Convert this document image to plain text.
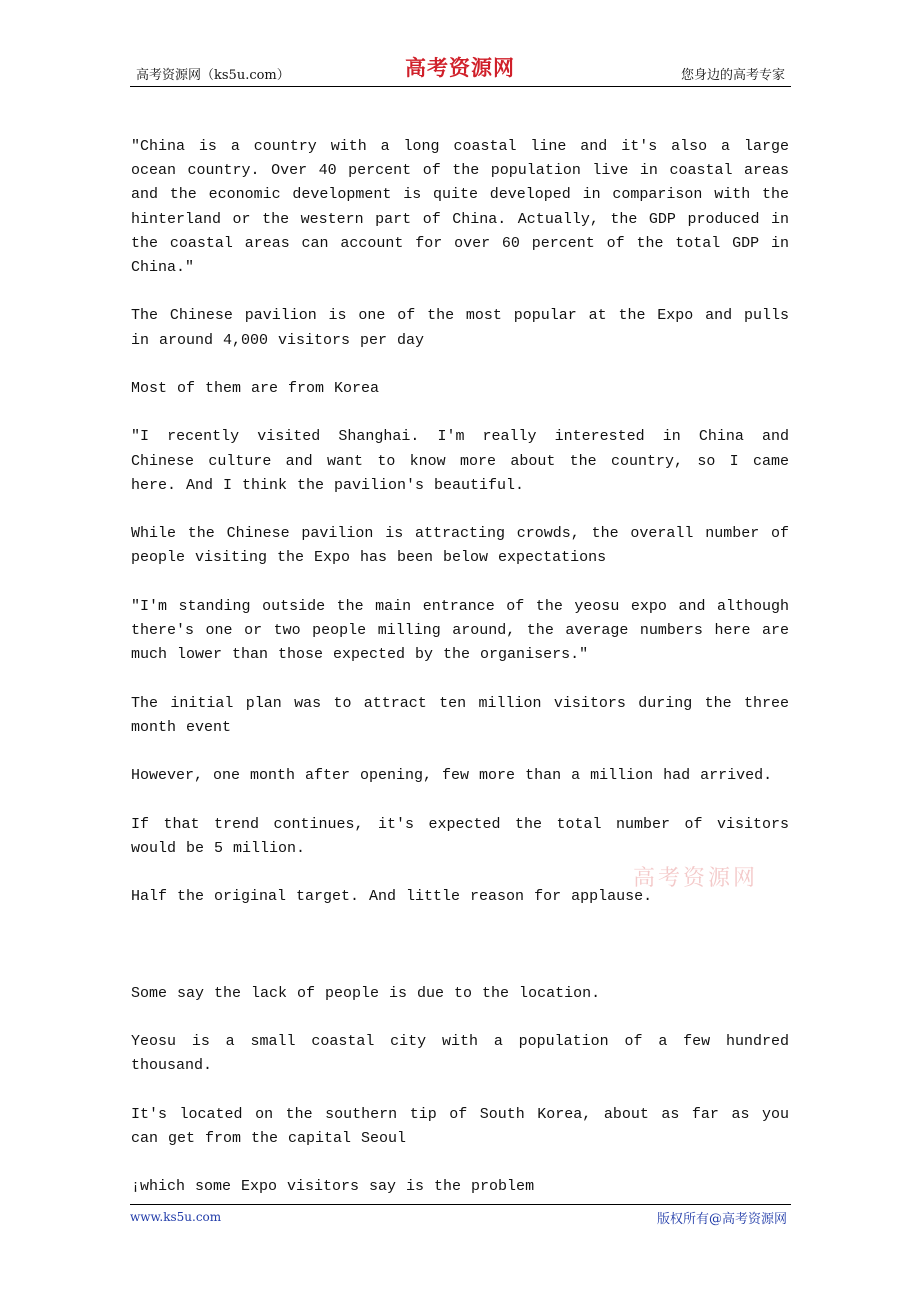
高考资源网（ks5u.com）	高考资源网	您身边的高考专家

"China is a country with a long coastal line and it's also a large ocean country. Over 40 percent of the population live in coastal areas and the economic development is quite developed in comparison with the hinterland or the western part of China. Actually, the GDP produced in the coastal areas can account for over 60 percent of the total GDP in China."

The Chinese pavilion is one of the most popular at the Expo and pulls in around 4,000 visitors per day

Most of them are from Korea

"I recently visited Shanghai. I'm really interested in China and Chinese culture and want to know more about the country, so I came here. And I think the pavilion's beautiful.

While the Chinese pavilion is attracting crowds, the overall number of people visiting the Expo has been below expectations

"I'm standing outside the main entrance of the yeosu expo and although there's one or two people milling around, the average numbers here are much lower than those expected by the organisers."

The initial plan was to attract ten million visitors during the three month event

However, one month after opening, few more than a million had arrived.

If that trend continues, it's expected the total number of visitors would be 5 million.

Half the original target. And little reason for applause.

Some say the lack of people is due to the location.

Yeosu is a small coastal city with a population of a few hundred thousand.

It's located on the southern tip of South Korea, about as far as you can get from the capital Seoul

¡which some Expo visitors say is the problem

高考资源网
www.ks5u.com	版权所有@高考资源网
